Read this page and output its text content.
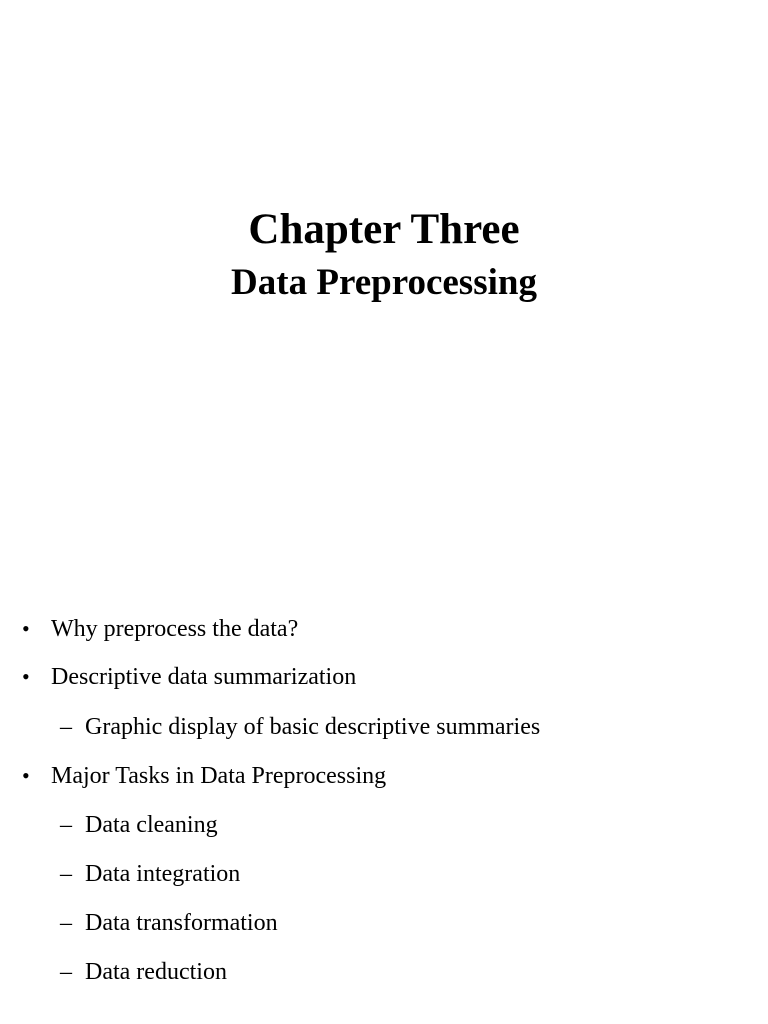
Chapter Three
Data Preprocessing
• Why preprocess the data?
• Descriptive data summarization
– Graphic display of basic descriptive summaries
• Major Tasks in Data Preprocessing
– Data cleaning
– Data integration
– Data transformation
– Data reduction
